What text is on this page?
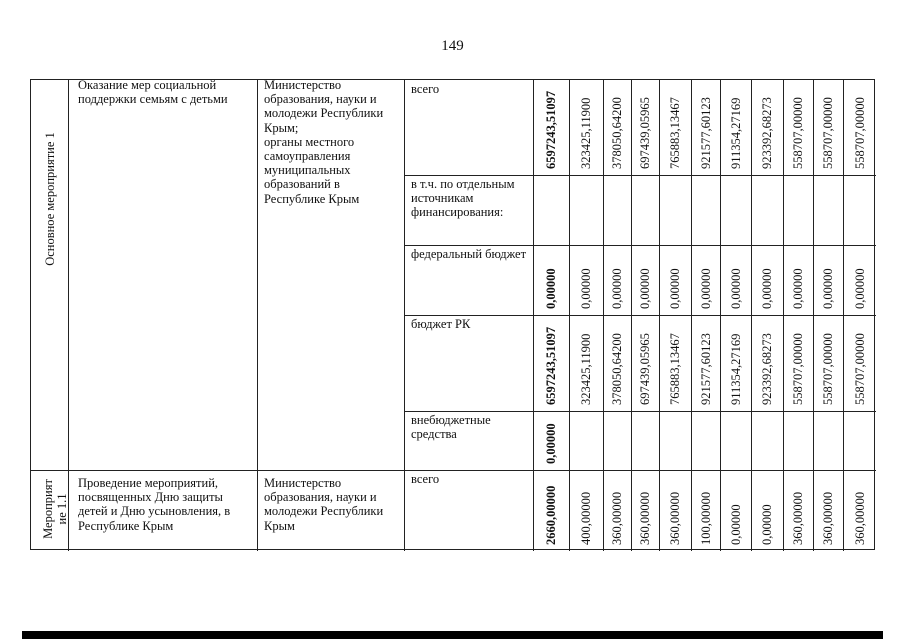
149
Основное мероприятие 1
Мероприят
ие 1.1
Оказание мер социальной
поддержки семьям с детьми
Министерство
образования, науки и
молодежи Республики
Крым;
органы местного
самоуправления
муниципальных
образований в
Республике Крым
Проведение мероприятий,
посвященных Дню защиты
детей и Дню усыновления, в
Республике Крым
Министерство
образования, науки и
молодежи Республики
Крым
всего
6597243,51097 323425,11900 378050,64200 697439,05965 765883,13467 921577,60123 911354,27169 923392,68273 558707,00000 558707,00000 558707,00000
в т.ч. по отдельным
источникам
финансирования:
федеральный бюджет
0,00000 0,00000 0,00000 0,00000 0,00000 0,00000 0,00000 0,00000 0,00000 0,00000 0,00000
бюджет РК
6597243,51097 323425,11900 378050,64200 697439,05965 765883,13467 921577,60123 911354,27169 923392,68273 558707,00000 558707,00000 558707,00000
внебюджетные
средства	0,00000
всего
2660,00000 400,00000 360,00000 360,00000 360,00000 100,00000 0,00000 0,00000 360,00000 360,00000 360,00000
